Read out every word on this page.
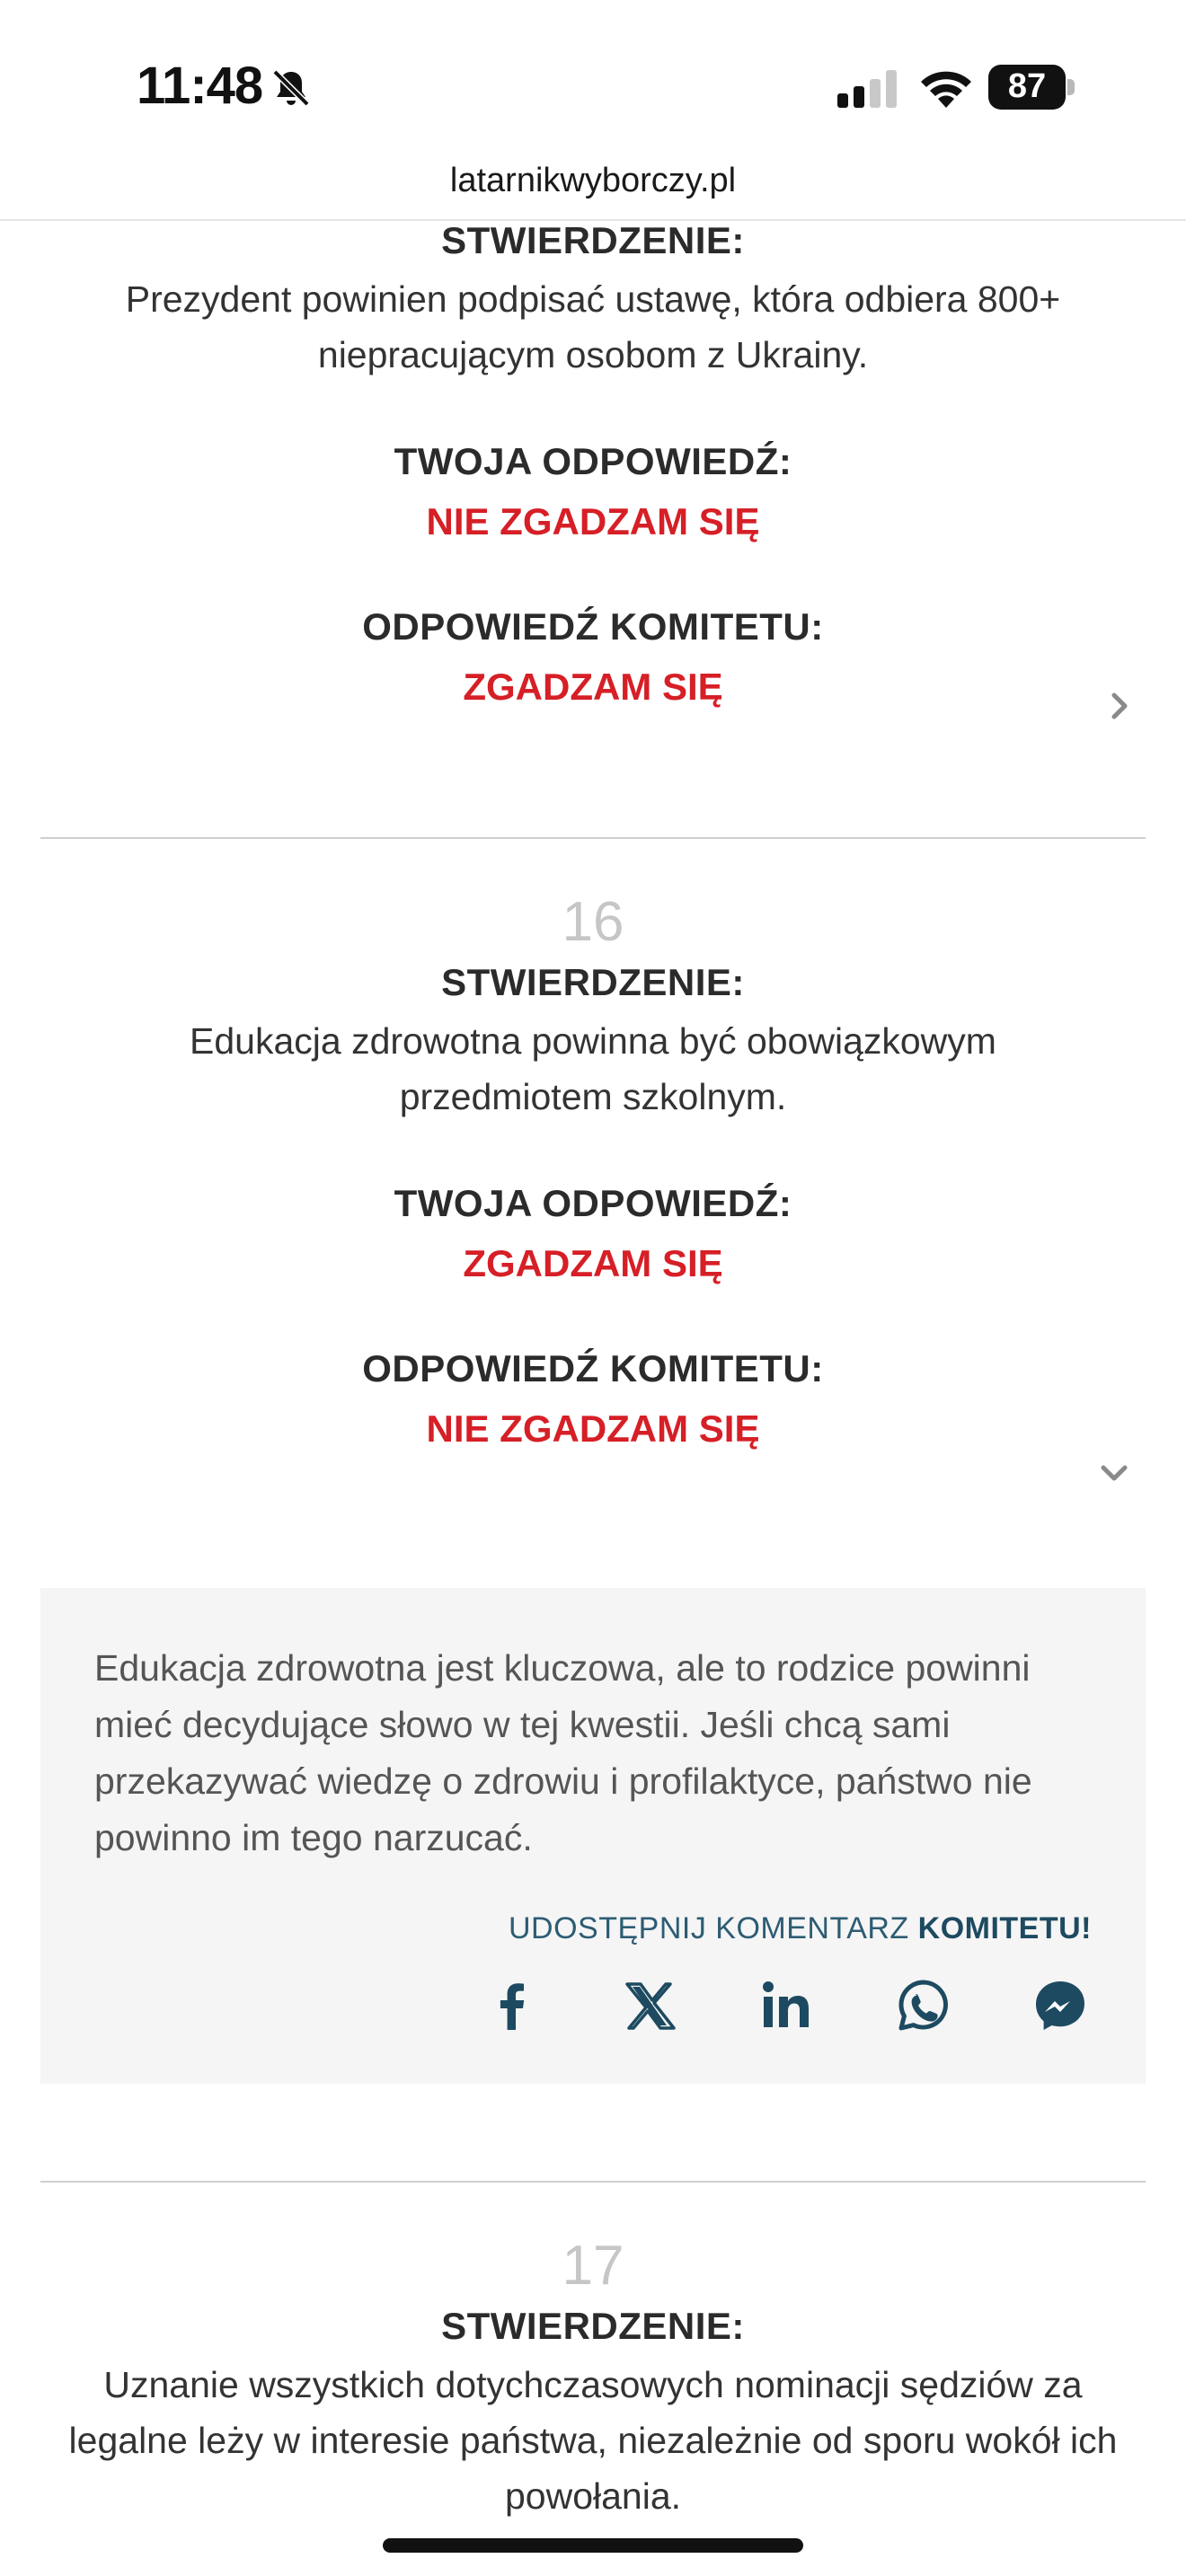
11:48	87
latarnikwyborczy.pl
STWIERDZENIE:
Prezydent powinien podpisać ustawę, która odbiera 800+ niepracującym osobom z Ukrainy.
TWOJA ODPOWIEDŹ:
NIE ZGADZAM SIĘ
ODPOWIEDŹ KOMITETU:
ZGADZAM SIĘ
16
STWIERDZENIE:
Edukacja zdrowotna powinna być obowiązkowym przedmiotem szkolnym.
TWOJA ODPOWIEDŹ:
ZGADZAM SIĘ
ODPOWIEDŹ KOMITETU:
NIE ZGADZAM SIĘ
Edukacja zdrowotna jest kluczowa, ale to rodzice powinni mieć decydujące słowo w tej kwestii. Jeśli chcą sami przekazywać wiedzę o zdrowiu i profilaktyce, państwo nie powinno im tego narzucać.
UDOSTĘPNIJ KOMENTARZ KOMITETU!

17
STWIERDZENIE:
Uznanie wszystkich dotychczasowych nominacji sędziów za legalne leży w interesie państwa, niezależnie od sporu wokół ich powołania.
